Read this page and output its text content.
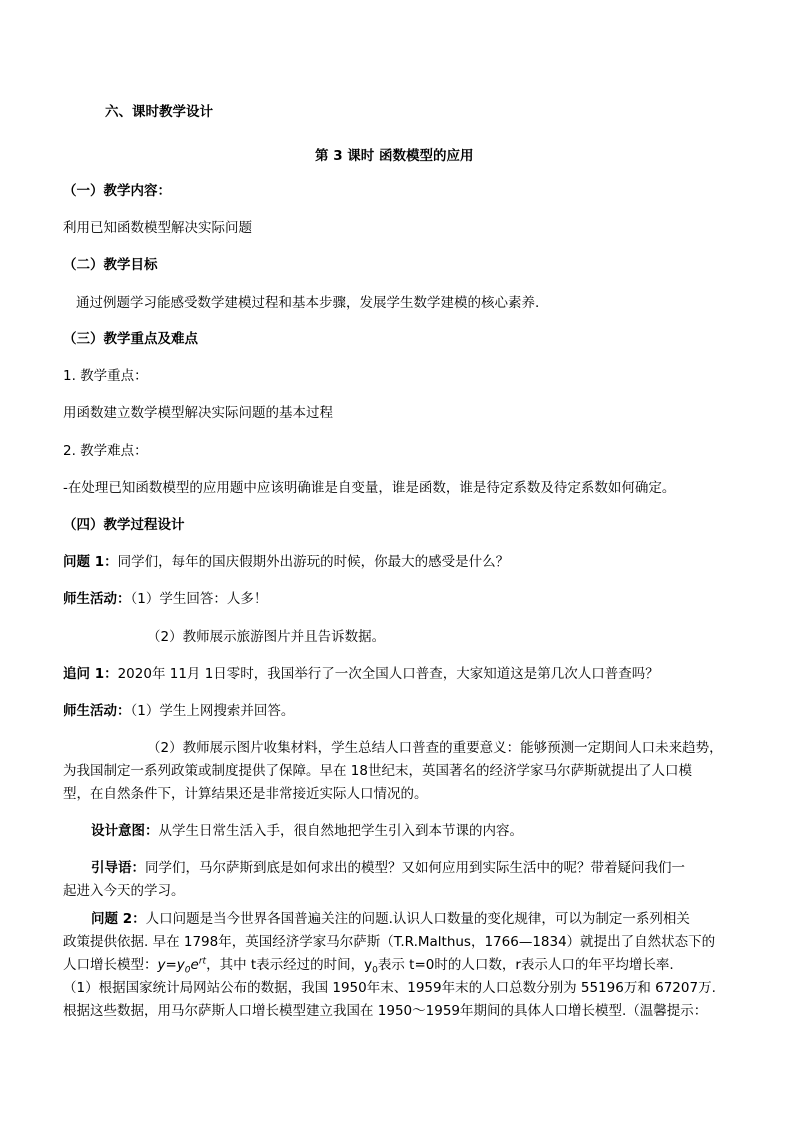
六、课时教学设计
第 3 课时 函数模型的应用
（一）教学内容：
利用已知函数模型解决实际问题
（二）教学目标
通过例题学习能感受数学建模过程和基本步骤，发展学生数学建模的核心素养.
（三）教学重点及难点
1. 教学重点：
用函数建立数学模型解决实际问题的基本过程
2. 教学难点：
-在处理已知函数模型的应用题中应该明确谁是自变量，谁是函数，谁是待定系数及待定系数如何确定。
（四）教学过程设计
问题 1：同学们，每年的国庆假期外出游玩的时候，你最大的感受是什么？
师生活动：（1）学生回答：人多！
（2）教师展示旅游图片并且告诉数据。
追问 1：2020年 11月 1日零时，我国举行了一次全国人口普查，大家知道这是第几次人口普查吗？
师生活动：（1）学生上网搜索并回答。
（2）教师展示图片收集材料，学生总结人口普查的重要意义：能够预测一定期间人口未来趋势，
为我国制定一系列政策或制度提供了保障。早在 18世纪末，英国著名的经济学家马尔萨斯就提出了人口模
型，在自然条件下，计算结果还是非常接近实际人口情况的。
设计意图：从学生日常生活入手，很自然地把学生引入到本节课的内容。
引导语：同学们，马尔萨斯到底是如何求出的模型？又如何应用到实际生活中的呢？带着疑问我们一
起进入今天的学习。
问题 2：人口问题是当今世界各国普遍关注的问题.认识人口数量的变化规律，可以为制定一系列相关
政策提供依据. 早在 1798年，英国经济学家马尔萨斯（T.R.Malthus，1766—1834）就提出了自然状态下的
人口增长模型：$y=y_0e^{rt}$，其中 t表示经过的时间，$y_0$表示 t=0时的人口数，r表示人口的年平均增长率.
（1）根据国家统计局网站公布的数据，我国 1950年末、1959年末的人口总数分别为 55196万和 67207万.
根据这些数据，用马尔萨斯人口增长模型建立我国在 1950～1959年期间的具体人口增长模型.（温馨提示：
